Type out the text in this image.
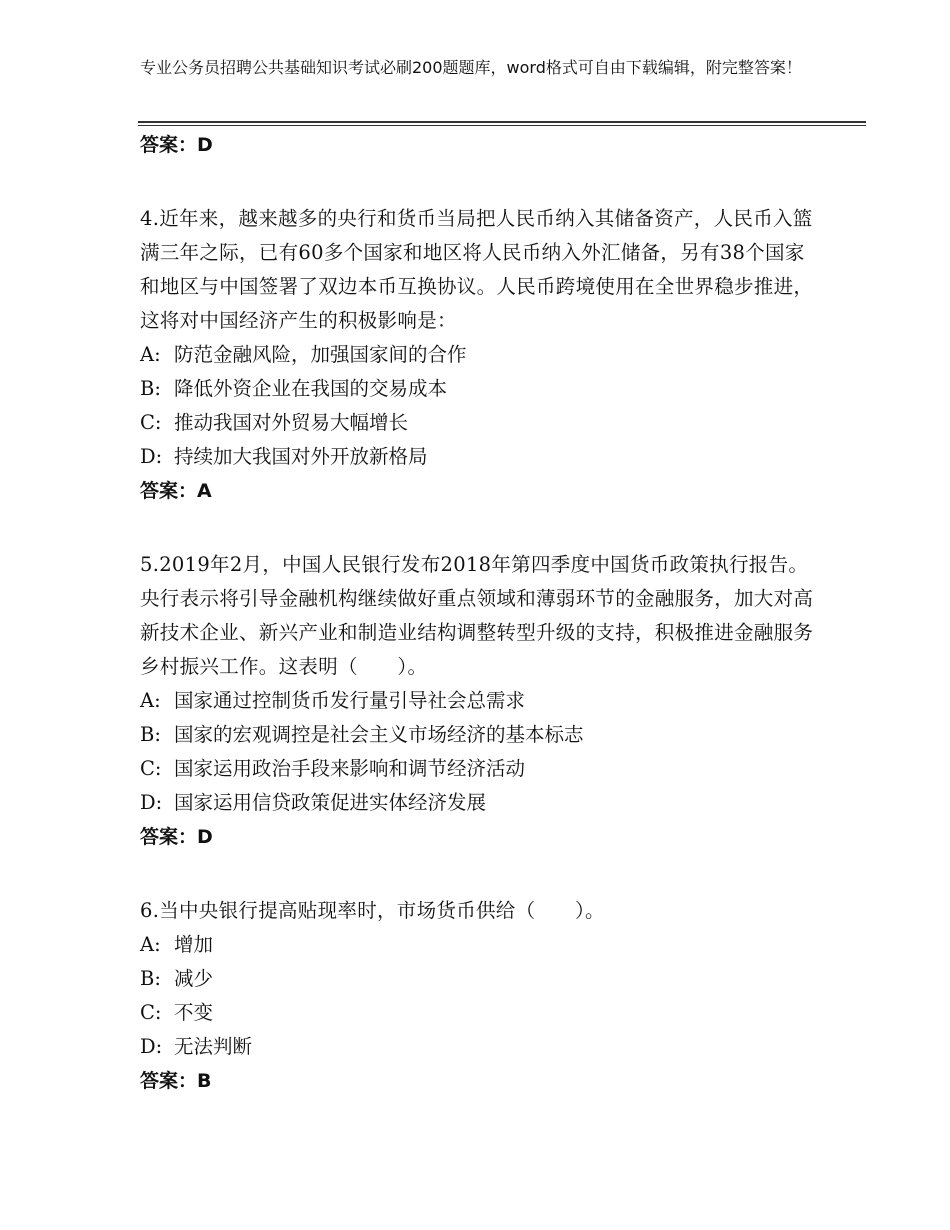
专业公务员招聘公共基础知识考试必刷200题题库，word格式可自由下载编辑，附完整答案！
答案：D
4.近年来，越来越多的央行和货币当局把人民币纳入其储备资产，人民币入篮满三年之际，已有60多个国家和地区将人民币纳入外汇储备，另有38个国家和地区与中国签署了双边本币互换协议。人民币跨境使用在全世界稳步推进，这将对中国经济产生的积极影响是：
A: 防范金融风险，加强国家间的合作
B: 降低外资企业在我国的交易成本
C: 推动我国对外贸易大幅增长
D: 持续加大我国对外开放新格局
答案：A
5.2019年2月，中国人民银行发布2018年第四季度中国货币政策执行报告。央行表示将引导金融机构继续做好重点领域和薄弱环节的金融服务，加大对高新技术企业、新兴产业和制造业结构调整转型升级的支持，积极推进金融服务乡村振兴工作。这表明（　　）。
A: 国家通过控制货币发行量引导社会总需求
B: 国家的宏观调控是社会主义市场经济的基本标志
C: 国家运用政治手段来影响和调节经济活动
D: 国家运用信贷政策促进实体经济发展
答案：D
6.当中央银行提高贴现率时，市场货币供给（　　）。
A: 增加
B: 减少
C: 不变
D: 无法判断
答案：B
